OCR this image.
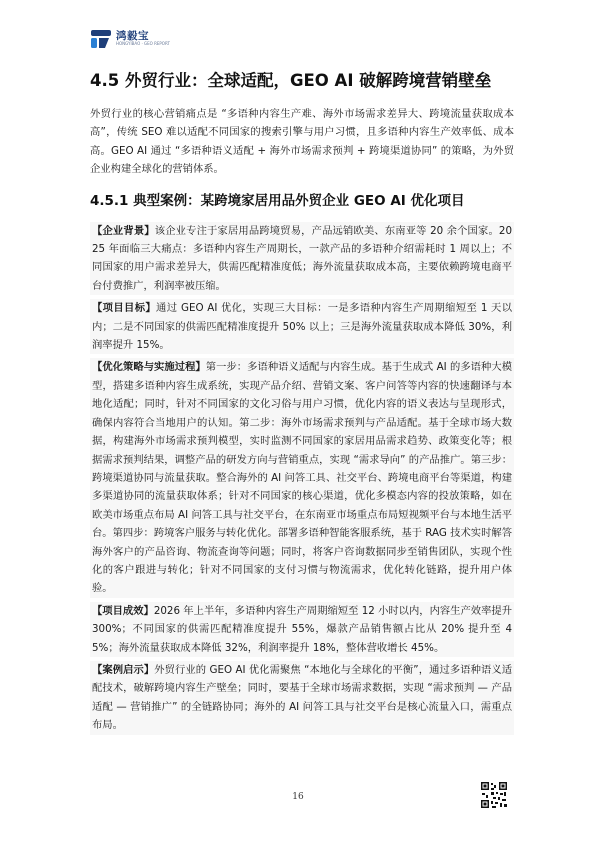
鸿毅宝
HONGYIBAO · GEO REPORT
4.5 外贸行业：全球适配，GEO AI 破解跨境营销壁垒

外贸行业的核心营销痛点是 “多语种内容生产难、海外市场需求差异大、跨境流量获取成本高”，传统 SEO 难以适配不同国家的搜索引擎与用户习惯，且多语种内容生产效率低、成本高。GEO AI 通过 “多语种语义适配 + 海外市场需求预判 + 跨境渠道协同” 的策略，为外贸企业构建全球化的营销体系。

4.5.1 典型案例：某跨境家居用品外贸企业 GEO AI 优化项目

【企业背景】该企业专注于家居用品跨境贸易，产品远销欧美、东南亚等 20 余个国家。2025 年面临三大痛点：多语种内容生产周期长，一款产品的多语种介绍需耗时 1 周以上；不同国家的用户需求差异大，供需匹配精准度低；海外流量获取成本高，主要依赖跨境电商平台付费推广，利润率被压缩。

【项目目标】通过 GEO AI 优化，实现三大目标：一是多语种内容生产周期缩短至 1 天以内；二是不同国家的供需匹配精准度提升 50% 以上；三是海外流量获取成本降低 30%，利润率提升 15%。

【优化策略与实施过程】第一步：多语种语义适配与内容生成。基于生成式 AI 的多语种大模型，搭建多语种内容生成系统，实现产品介绍、营销文案、客户问答等内容的快速翻译与本地化适配；同时，针对不同国家的文化习俗与用户习惯，优化内容的语义表达与呈现形式，确保内容符合当地用户的认知。第二步：海外市场需求预判与产品适配。基于全球市场大数据，构建海外市场需求预判模型，实时监测不同国家的家居用品需求趋势、政策变化等；根据需求预判结果，调整产品的研发方向与营销重点，实现 “需求导向” 的产品推广。第三步：跨境渠道协同与流量获取。整合海外的 AI 问答工具、社交平台、跨境电商平台等渠道，构建多渠道协同的流量获取体系；针对不同国家的核心渠道，优化多模态内容的投放策略，如在欧美市场重点布局 AI 问答工具与社交平台，在东南亚市场重点布局短视频平台与本地生活平台。第四步：跨境客户服务与转化优化。部署多语种智能客服系统，基于 RAG 技术实时解答海外客户的产品咨询、物流查询等问题；同时，将客户咨询数据同步至销售团队，实现个性化的客户跟进与转化；针对不同国家的支付习惯与物流需求，优化转化链路，提升用户体验。

【项目成效】2026 年上半年，多语种内容生产周期缩短至 12 小时以内，内容生产效率提升 300%；不同国家的供需匹配精准度提升 55%，爆款产品销售额占比从 20% 提升至 45%；海外流量获取成本降低 32%，利润率提升 18%，整体营收增长 45%。

【案例启示】外贸行业的 GEO AI 优化需聚焦 “本地化与全球化的平衡”，通过多语种语义适配技术，破解跨境内容生产壁垒；同时，要基于全球市场需求数据，实现 “需求预判 — 产品适配 — 营销推广” 的全链路协同；海外的 AI 问答工具与社交平台是核心流量入口，需重点布局。

16
